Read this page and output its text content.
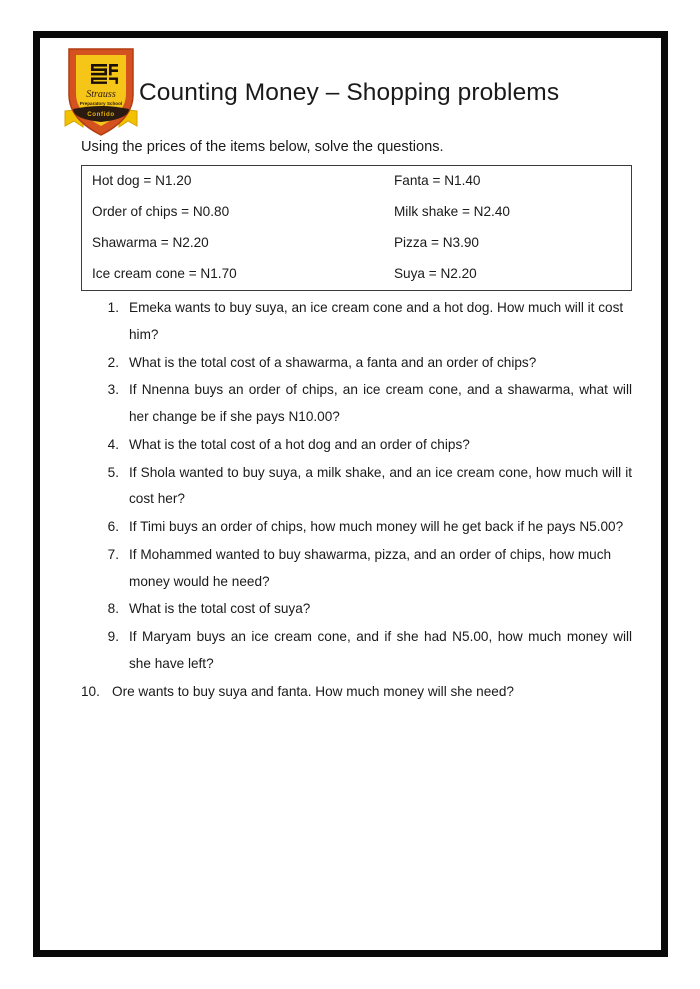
Strauss
Preparatory School
Confido
Counting Money – Shopping problems
Using the prices of the items below, solve the questions.
Hot dog = N1.20	Fanta = N1.40
Order of chips = N0.80	Milk shake = N2.40
Shawarma = N2.20	Pizza = N3.90
Ice cream cone = N1.70	Suya = N2.20
1. Emeka wants to buy suya, an ice cream cone and a hot dog. How much will it cost him?
2. What is the total cost of a shawarma, a fanta and an order of chips?
3. If Nnenna buys an order of chips, an ice cream cone, and a shawarma, what will her change be if she pays N10.00?
4. What is the total cost of a hot dog and an order of chips?
5. If Shola wanted to buy suya, a milk shake, and an ice cream cone, how much will it cost her?
6. If Timi buys an order of chips, how much money will he get back if he pays N5.00?
7. If Mohammed wanted to buy shawarma, pizza, and an order of chips, how much money would he need?
8. What is the total cost of suya?
9. If Maryam buys an ice cream cone, and if she had N5.00, how much money will she have left?
10. Ore wants to buy suya and fanta. How much money will she need?
